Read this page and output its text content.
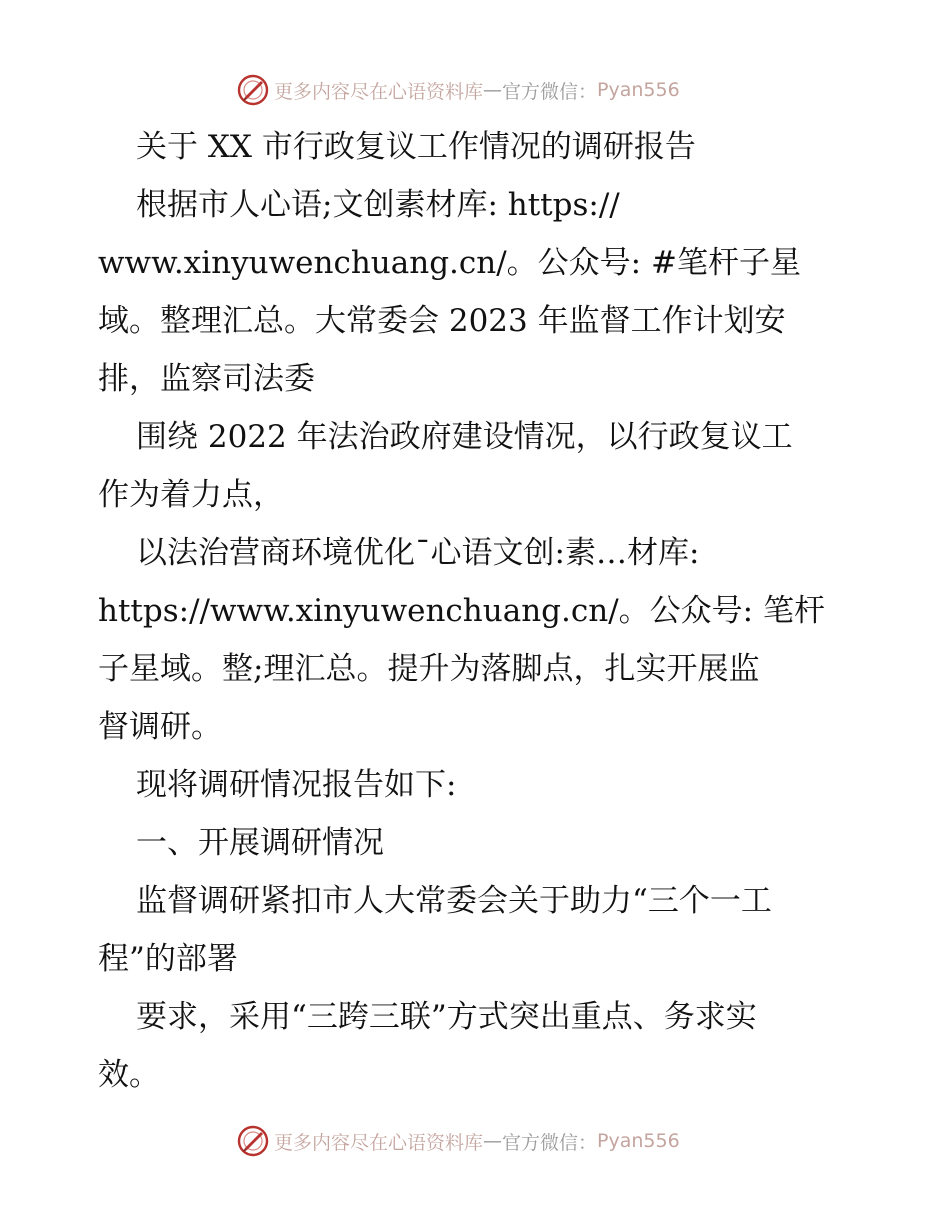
更多内容尽在心语资料库 — 官方微信： Pyan556
关于 XX 市行政复议工作情况的调研报告
根据市人心语;文创素材库: https://
www.xinyuwenchuang.cn/。公众号: #笔杆子星
域。整理汇总。大常委会 2023 年监督工作计划安
排，监察司法委
围绕 2022 年法治政府建设情况，以行政复议工
作为着力点，
以法治营商环境优化¯心语文创:素…材库:
https://www.xinyuwenchuang.cn/。公众号: 笔杆
子星域。整;理汇总。提升为落脚点，扎实开展监
督调研。
现将调研情况报告如下:
一、开展调研情况
监督调研紧扣市人大常委会关于助力“三个一工
程”的部署
要求，采用“三跨三联”方式突出重点、务求实
效。
更多内容尽在心语资料库 — 官方微信： Pyan556
